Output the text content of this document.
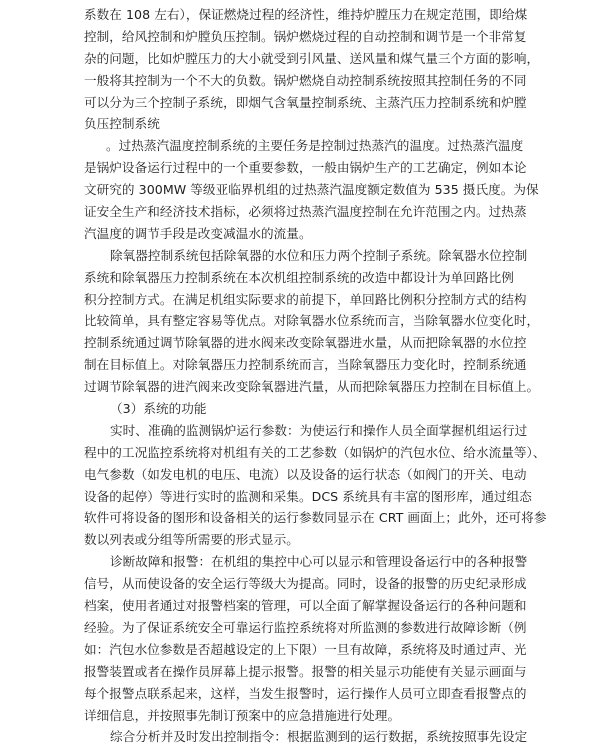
系数在 108 左右），保证燃烧过程的经济性，维持炉膛压力在规定范围，即给煤
控制，给风控制和炉膛负压控制。锅炉燃烧过程的自动控制和调节是一个非常复
杂的问题，比如炉膛压力的大小就受到引风量、送风量和煤气量三个方面的影响，
一般将其控制为一个不大的负数。锅炉燃烧自动控制系统按照其控制任务的不同
可以分为三个控制子系统，即烟气含氧量控制系统、主蒸汽压力控制系统和炉膛
负压控制系统
。过热蒸汽温度控制系统的主要任务是控制过热蒸汽的温度。过热蒸汽温度
是锅炉设备运行过程中的一个重要参数，一般由锅炉生产的工艺确定，例如本论
文研究的 300MW 等级亚临界机组的过热蒸汽温度额定数值为 535 摄氏度。为保
证安全生产和经济技术指标，必须将过热蒸汽温度控制在允许范围之内。过热蒸
汽温度的调节手段是改变减温水的流量。
除氧器控制系统包括除氧器的水位和压力两个控制子系统。除氧器水位控制
系统和除氧器压力控制系统在本次机组控制系统的改造中都设计为单回路比例
积分控制方式。在满足机组实际要求的前提下，单回路比例积分控制方式的结构
比较简单，具有整定容易等优点。对除氧器水位系统而言，当除氧器水位变化时，
控制系统通过调节除氧器的进水阀来改变除氧器进水量，从而把除氧器的水位控
制在目标值上。对除氧器压力控制系统而言，当除氧器压力变化时，控制系统通
过调节除氧器的进汽阀来改变除氧器进汽量，从而把除氧器压力控制在目标值上。
（3）系统的功能
实时、准确的监测锅炉运行参数：为使运行和操作人员全面掌握机组运行过
程中的工况监控系统将对机组有关的工艺参数（如锅炉的汽包水位、给水流量等）、
电气参数（如发电机的电压、电流）以及设备的运行状态（如阀门的开关、电动
设备的起停）等进行实时的监测和采集。DCS 系统具有丰富的图形库，通过组态
软件可将设备的图形和设备相关的运行参数同显示在 CRT 画面上；此外，还可将参
数以列表或分组等所需要的形式显示。
诊断故障和报警：在机组的集控中心可以显示和管理设备运行中的各种报警
信号，从而使设备的安全运行等级大为提高。同时，设备的报警的历史纪录形成
档案，使用者通过对报警档案的管理，可以全面了解掌握设备运行的各种问题和
经验。为了保证系统安全可靠运行监控系统将对所监测的参数进行故障诊断（例
如：汽包水位参数是否超越设定的上下限）一旦有故障，系统将及时通过声、光
报警装置或者在操作员屏幕上提示报警。报警的相关显示功能使有关显示画面与
每个报警点联系起来，这样，当发生报警时，运行操作人员可立即查看报警点的
详细信息，并按照事先制订预案中的应急措施进行处理。
综合分析并及时发出控制指令：根据监测到的运行数据，系统按照事先设定
